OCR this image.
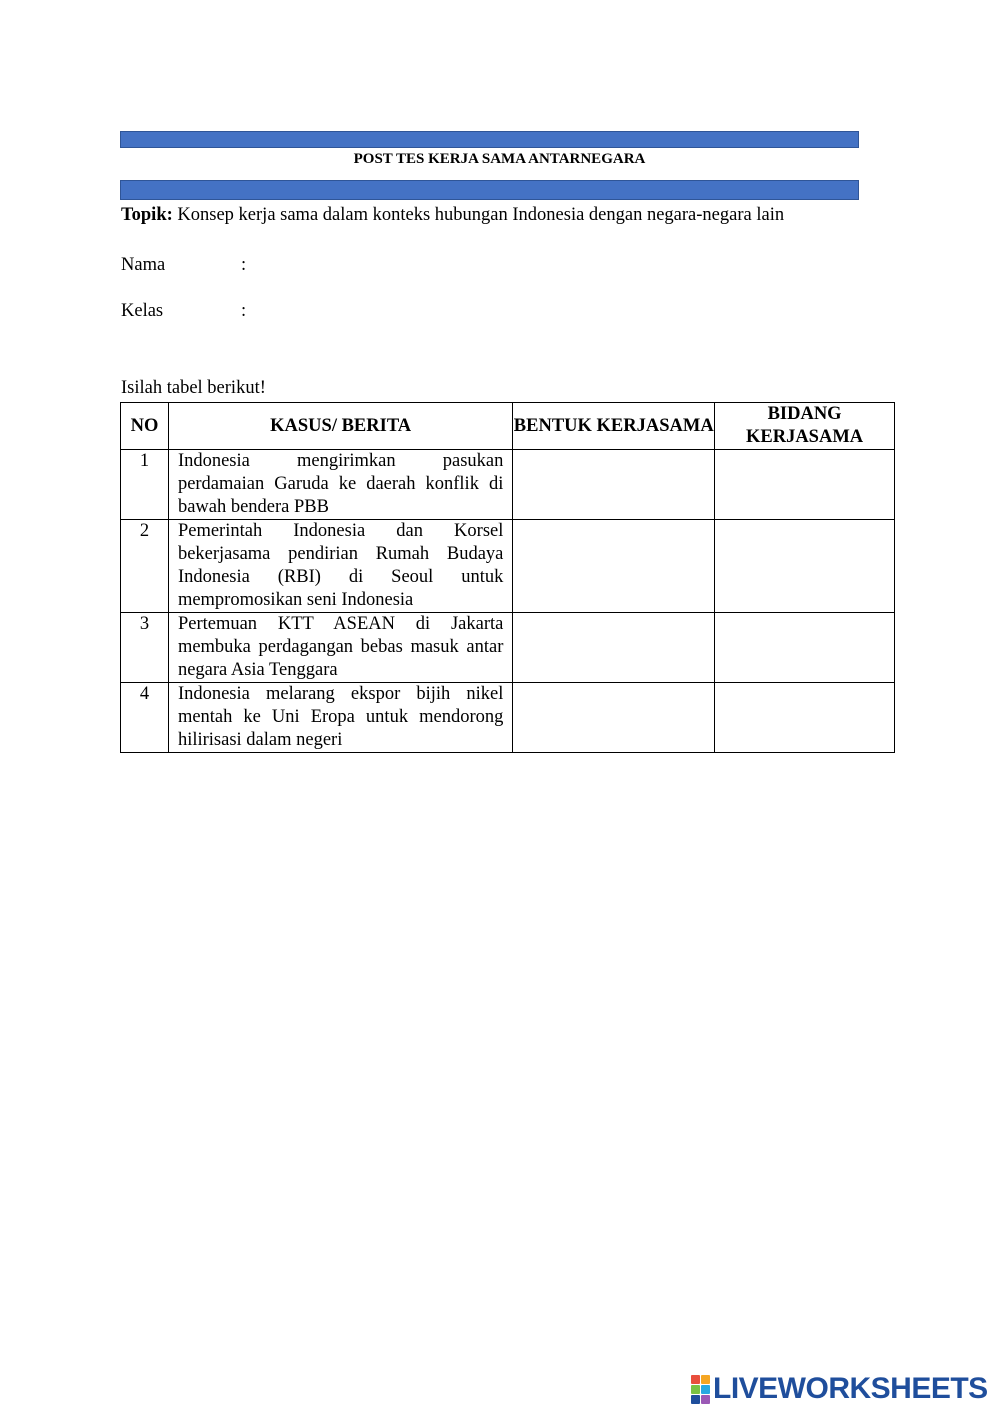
POST TES KERJA SAMA ANTARNEGARA
Topik: Konsep kerja sama dalam konteks hubungan Indonesia dengan negara-negara lain
Nama	:
Kelas	:
Isilah tabel berikut!
NO	KASUS/ BERITA	BENTUK KERJASAMA	BIDANG KERJASAMA
1	Indonesia mengirimkan pasukan perdamaian Garuda ke daerah konflik di bawah bendera PBB		
2	Pemerintah Indonesia dan Korsel bekerjasama pendirian Rumah Budaya Indonesia (RBI) di Seoul untuk mempromosikan seni Indonesia		
3	Pertemuan KTT ASEAN di Jakarta membuka perdagangan bebas masuk antar negara Asia Tenggara		
4	Indonesia melarang ekspor bijih nikel mentah ke Uni Eropa untuk mendorong hilirisasi dalam negeri		
LIVEWORKSHEETS
